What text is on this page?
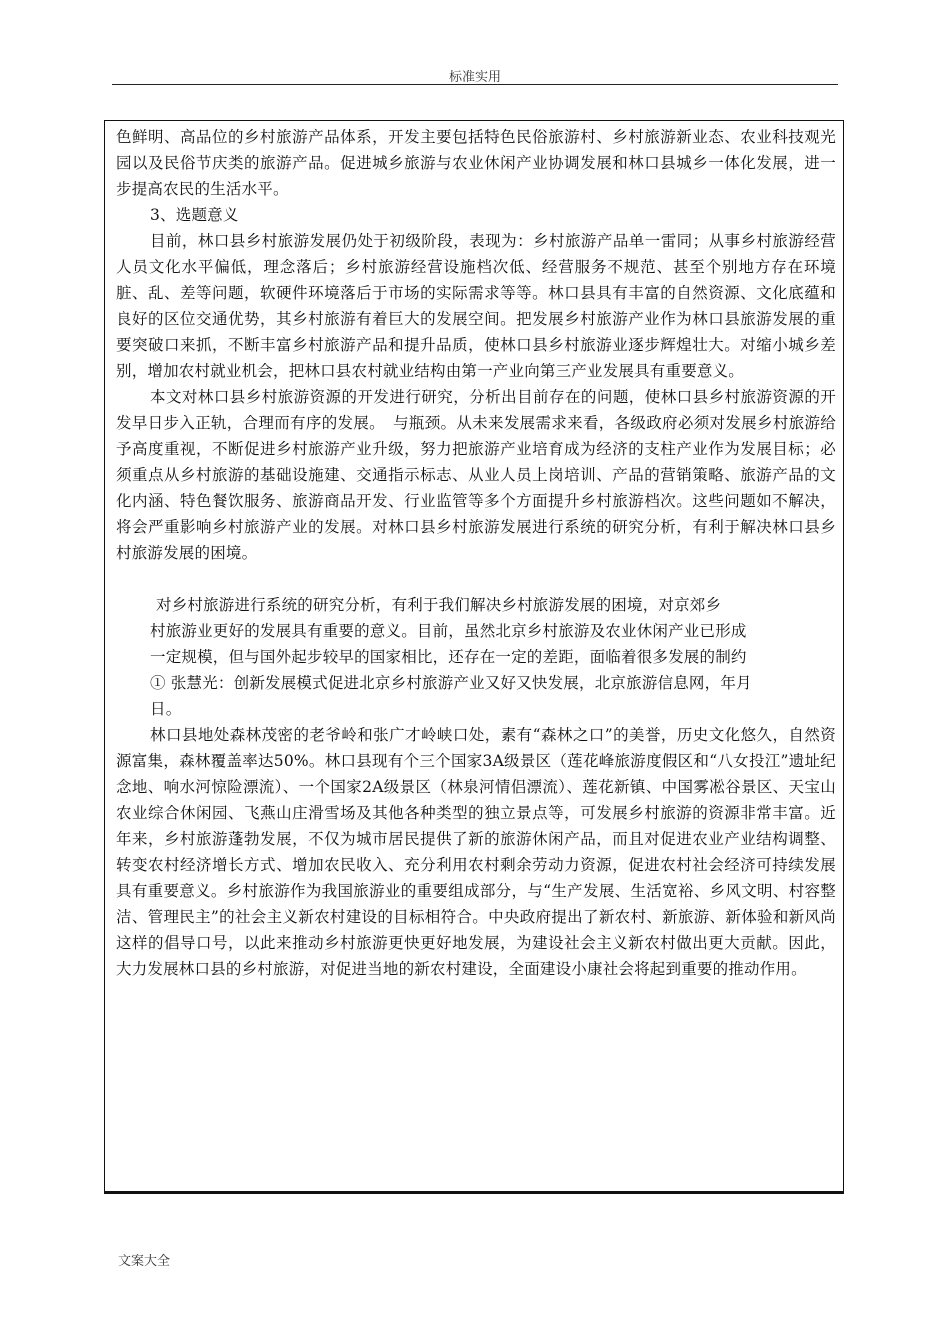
标准实用

色鲜明、高品位的乡村旅游产品体系，开发主要包括特色民俗旅游村、乡村旅游新业态、农业科技观光园以及民俗节庆类的旅游产品。促进城乡旅游与农业休闲产业协调发展和林口县城乡一体化发展，进一步提高农民的生活水平。

3、选题意义

目前，林口县乡村旅游发展仍处于初级阶段，表现为：乡村旅游产品单一雷同；从事乡村旅游经营人员文化水平偏低，理念落后；乡村旅游经营设施档次低、经营服务不规范、甚至个别地方存在环境脏、乱、差等问题，软硬件环境落后于市场的实际需求等等。林口县具有丰富的自然资源、文化底蕴和良好的区位交通优势，其乡村旅游有着巨大的发展空间。把发展乡村旅游产业作为林口县旅游发展的重要突破口来抓，不断丰富乡村旅游产品和提升品质，使林口县乡村旅游业逐步辉煌壮大。对缩小城乡差别，增加农村就业机会，把林口县农村就业结构由第一产业向第三产业发展具有重要意义。

本文对林口县乡村旅游资源的开发进行研究，分析出目前存在的问题，使林口县乡村旅游资源的开发早日步入正轨，合理而有序的发展。　与瓶颈。从未来发展需求来看，各级政府必须对发展乡村旅游给予高度重视，不断促进乡村旅游产业升级，努力把旅游产业培育成为经济的支柱产业作为发展目标；必须重点从乡村旅游的基础设施建、交通指示标志、从业人员上岗培训、产品的营销策略、旅游产品的文化内涵、特色餐饮服务、旅游商品开发、行业监管等多个方面提升乡村旅游档次。这些问题如不解决，将会严重影响乡村旅游产业的发展。对林口县乡村旅游发展进行系统的研究分析，有利于解决林口县乡村旅游发展的困境。

对乡村旅游进行系统的研究分析，有利于我们解决乡村旅游发展的困境，对京郊乡

村旅游业更好的发展具有重要的意义。目前，虽然北京乡村旅游及农业休闲产业已形成

一定规模，但与国外起步较早的国家相比，还存在一定的差距，面临着很多发展的制约

① 张慧光：创新发展模式促进北京乡村旅游产业又好又快发展，北京旅游信息网，年月

日。

林口县地处森林茂密的老爷岭和张广才岭峡口处，素有“森林之口”的美誉，历史文化悠久，自然资源富集，森林覆盖率达50%。林口县现有个三个国家3A级景区（莲花峰旅游度假区和“八女投江”遗址纪念地、响水河惊险漂流）、一个国家2A级景区（林泉河情侣漂流）、莲花新镇、中国雾凇谷景区、天宝山农业综合休闲园、飞燕山庄滑雪场及其他各种类型的独立景点等，可发展乡村旅游的资源非常丰富。近年来，乡村旅游蓬勃发展，不仅为城市居民提供了新的旅游休闲产品，而且对促进农业产业结构调整、转变农村经济增长方式、增加农民收入、充分利用农村剩余劳动力资源，促进农村社会经济可持续发展具有重要意义。乡村旅游作为我国旅游业的重要组成部分，与“生产发展、生活宽裕、乡风文明、村容整洁、管理民主”的社会主义新农村建设的目标相符合。中央政府提出了新农村、新旅游、新体验和新风尚这样的倡导口号，以此来推动乡村旅游更快更好地发展，为建设社会主义新农村做出更大贡献。因此，大力发展林口县的乡村旅游，对促进当地的新农村建设，全面建设小康社会将起到重要的推动作用。

文案大全
